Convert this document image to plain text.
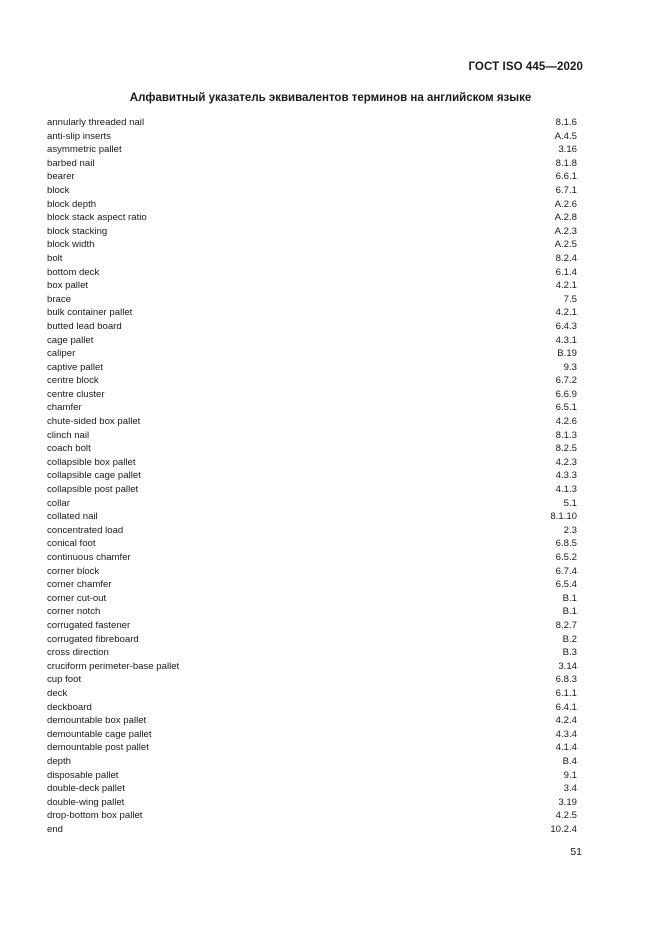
ГОСТ ISO 445—2020
Алфавитный указатель эквивалентов терминов на английском языке
annularly threaded nail	8.1.6
anti-slip inserts	A.4.5
asymmetric pallet	3.16
barbed nail	8.1.8
bearer	6.6.1
block	6.7.1
block depth	A.2.6
block stack aspect ratio	A.2.8
block stacking	A.2.3
block width	A.2.5
bolt	8.2.4
bottom deck	6.1.4
box pallet	4.2.1
brace	7.5
bulk container pallet	4.2.1
butted lead board	6.4.3
cage pallet	4.3.1
caliper	B.19
captive pallet	9.3
centre block	6.7.2
centre cluster	6.6.9
chamfer	6.5.1
chute-sided box pallet	4.2.6
clinch nail	8.1.3
coach bolt	8.2.5
collapsible box pallet	4.2.3
collapsible cage pallet	4.3.3
collapsible post pallet	4.1.3
collar	5.1
collated nail	8.1.10
concentrated load	2.3
conical foot	6.8.5
continuous chamfer	6.5.2
corner block	6.7.4
corner chamfer	6.5.4
corner cut-out	B.1
corner notch	B.1
corrugated fastener	8.2.7
corrugated fibreboard	B.2
cross direction	B.3
cruciform perimeter-base pallet	3.14
cup foot	6.8.3
deck	6.1.1
deckboard	6.4.1
demountable box pallet	4.2.4
demountable cage pallet	4.3.4
demountable post pallet	4.1.4
depth	B.4
disposable pallet	9.1
double-deck pallet	3.4
double-wing pallet	3.19
drop-bottom box pallet	4.2.5
end	10.2.4
51
